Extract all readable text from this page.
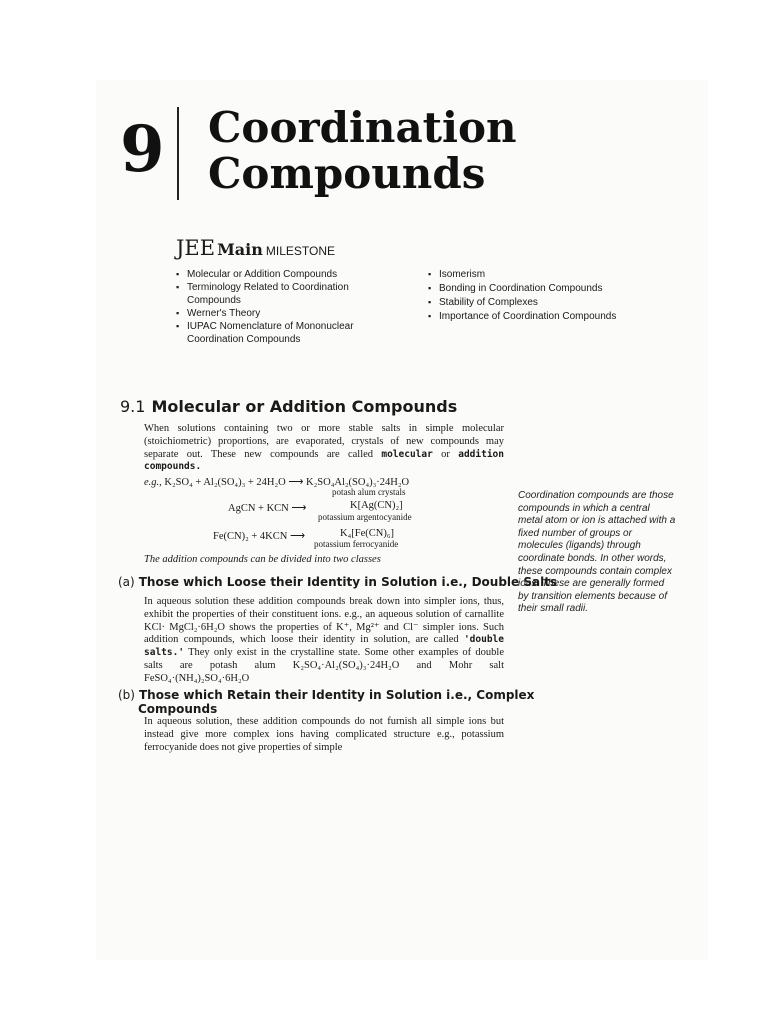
9 Coordination
Compounds
JEE Main MILESTONE
▪ Molecular or Addition Compounds
▪ Terminology Related to Coordination Compounds
▪ Werner's Theory
▪ IUPAC Nomenclature of Mononuclear Coordination Compounds
▪ Isomerism
▪ Bonding in Coordination Compounds
▪ Stability of Complexes
▪ Importance of Coordination Compounds
9.1 Molecular or Addition Compounds
When solutions containing two or more stable salts in simple molecular (stoichiometric) proportions, are evaporated, crystals of new compounds may separate out. These new compounds are called molecular or addition compounds.
e.g., K₂SO₄ + Al₂(SO₄)₃ + 24H₂O ⟶ K₂SO₄Al₂(SO₄)₃·24H₂O
potash alum crystals
AgCN + KCN ⟶	K[Ag(CN)₂]
potassium argentocyanide
Fe(CN)₂ + 4KCN ⟶	K₄[Fe(CN)₆]
potassium ferrocyanide
The addition compounds can be divided into two classes
(a) Those which Loose their Identity in Solution i.e., Double Salts
In aqueous solution these addition compounds break down into simpler ions, thus, exhibit the properties of their constituent ions. e.g., an aqueous solution of carnallite KCl· MgCl₂·6H₂O shows the properties of K⁺, Mg²⁺ and Cl⁻ simpler ions. Such addition compounds, which loose their identity in solution, are called 'double salts.' They only exist in the crystalline state. Some other examples of double salts are potash alum K₂SO₄·Al₂(SO₄)₃·24H₂O and Mohr salt FeSO₄·(NH₄)₂SO₄·6H₂O
(b) Those which Retain their Identity in Solution i.e., Complex
Compounds
In aqueous solution, these addition compounds do not furnish all simple ions but instead give more complex ions having complicated structure e.g., potassium ferrocyanide does not give properties of simple
Coordination compounds are those compounds in which a central metal atom or ion is attached with a fixed number of groups or molecules (ligands) through coordinate bonds. In other words, these compounds contain complex ions. These are generally formed by transition elements because of their small radii.
